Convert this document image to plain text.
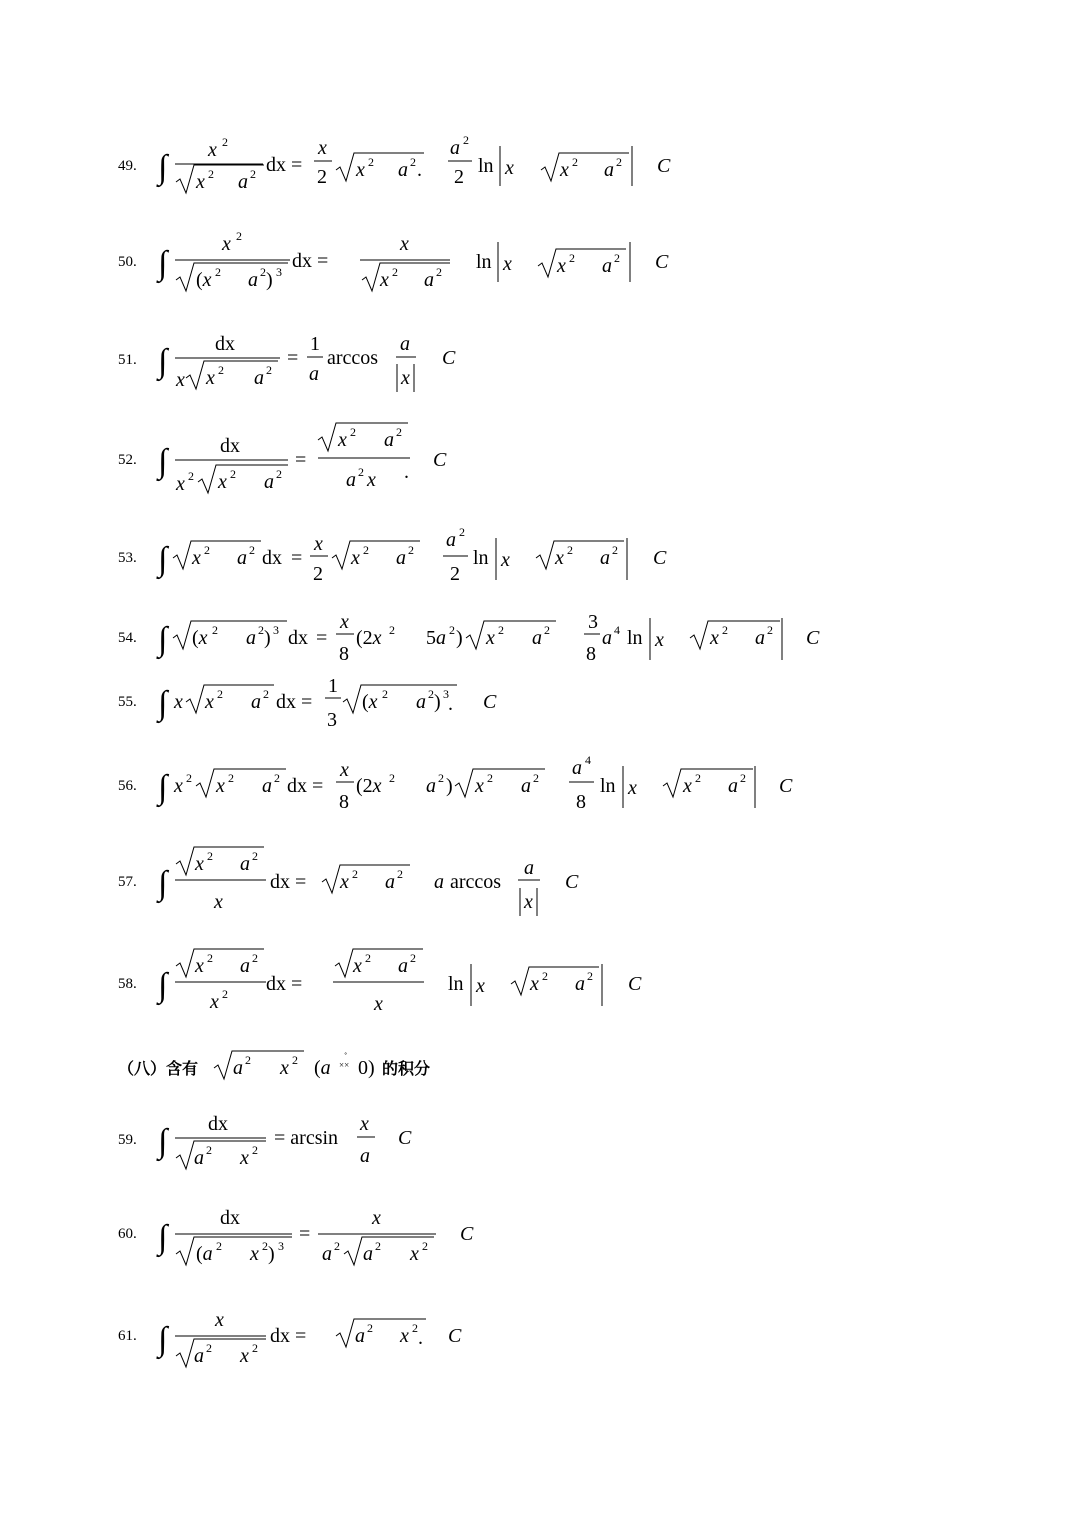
49. ∫ x 2
x 2 a 2 dx =
x
2 x 2 a 2 .
a 2
2 ln x x 2 a 2 C
50. ∫
x 2
(x 2 a 2 ) 3 dx =
x
x 2 a 2 ln x x 2 a 2 C
51. ∫ dx
x x 2 a 2
=
1
a
arccos
a
x
C
52. ∫	dx
x 2 x 2 a 2
=
x 2 a 2
a 2 x .
C
53. ∫ x 2 a 2 dx =
x
2
x 2 a 2 a 2
2
ln x x 2 a 2 C
54. ∫ (x 2 a 2 ) 3 dx =
x
8
(2x 2 5a 2 ) x 2 a 2 3
8
a 4 ln x x 2 a 2 C
55. ∫ x x 2 a 2 dx =
1
3
(x 2 a 2 ) 3 . C
56. ∫ x 2 x 2 a 2 dx =
x
8
(2x 2 a 2 ) x 2 a 2 a 4
8
ln x x 2 a 2 C
57. ∫
x 2 a 2
x
dx = x 2 a 2 a arccos
a
x
C
58. ∫
x 2 a 2
x 2 dx =
x 2 a 2
x
ln x x 2 a 2 C
（八）含有 a 2 x 2 (a ˚
×× 0) 的积分
59. ∫ dx
a 2 x 2
= arcsin
x
a
C
60. ∫
dx
(a 2 x 2 ) 3
=
x
a 2 a 2 x 2
C
61. ∫
x
a 2 x 2
dx = a 2 x 2 . C
